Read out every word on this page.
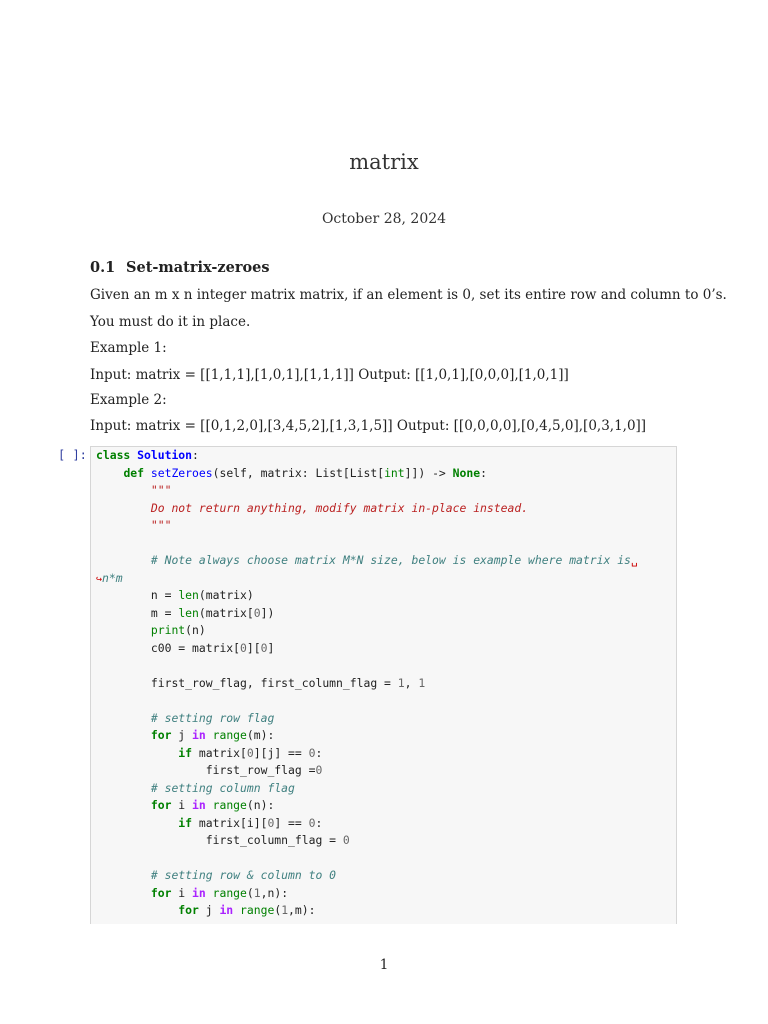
matrix
October 28, 2024
0.1 Set-matrix-zeroes
Given an m x n integer matrix matrix, if an element is 0, set its entire row and column to 0’s.
You must do it in place.
Example 1:
Input: matrix = [[1,1,1],[1,0,1],[1,1,1]] Output: [[1,0,1],[0,0,0],[1,0,1]]
Example 2:
Input: matrix = [[0,1,2,0],[3,4,5,2],[1,3,1,5]] Output: [[0,0,0,0],[0,4,5,0],[0,3,1,0]]
[ ]: class Solution:
def setZeroes(self, matrix: List[List[int]]) -> None:
"""
Do not return anything, modify matrix in-place instead.
"""
# Note always choose matrix M*N size, below is example where matrix is␣
↪n*m
n = len(matrix)
m = len(matrix[0])
print(n)
c00 = matrix[0][0]
first_row_flag, first_column_flag = 1, 1
# setting row flag
for j in range(m):
if matrix[0][j] == 0:
first_row_flag =0
# setting column flag
for i in range(n):
if matrix[i][0] == 0:
first_column_flag = 0
# setting row & column to 0
for i in range(1,n):
for j in range(1,m):
1
